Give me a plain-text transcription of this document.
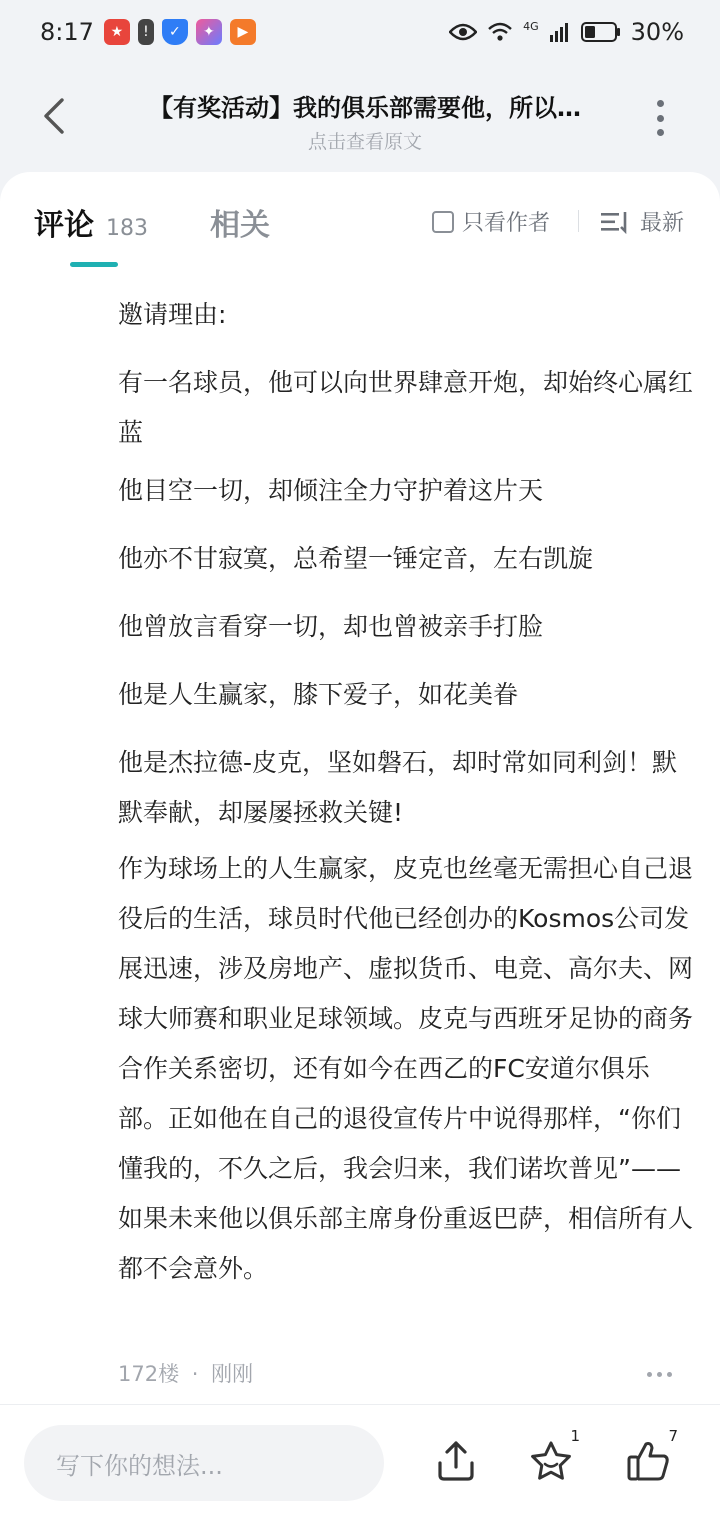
8:17	★	!	✓	✦	▶	4G	30%
【有奖活动】我的俱乐部需要他，所以…
点击查看原文
评论 183 相关	只看作者	最新

邀请理由:

有一名球员，他可以向世界肆意开炮，却始终心属红蓝

他目空一切，却倾注全力守护着这片天

他亦不甘寂寞，总希望一锤定音，左右凯旋

他曾放言看穿一切，却也曾被亲手打脸

他是人生赢家，膝下爱子，如花美眷

他是杰拉德-皮克，坚如磐石，却时常如同利剑！默默奉献，却屡屡拯救关键!

作为球场上的人生赢家，皮克也丝毫无需担心自己退役后的生活，球员时代他已经创办的Kosmos公司发展迅速，涉及房地产、虚拟货币、电竞、高尔夫、网球大师赛和职业足球领域。皮克与西班牙足协的商务合作关系密切，还有如今在西乙的FC安道尔俱乐部。正如他在自己的退役宣传片中说得那样，“你们懂我的，不久之后，我会归来，我们诺坎普见”——如果未来他以俱乐部主席身份重返巴萨，相信所有人都不会意外。

172楼 · 刚刚
写下你的想法...
1	7
